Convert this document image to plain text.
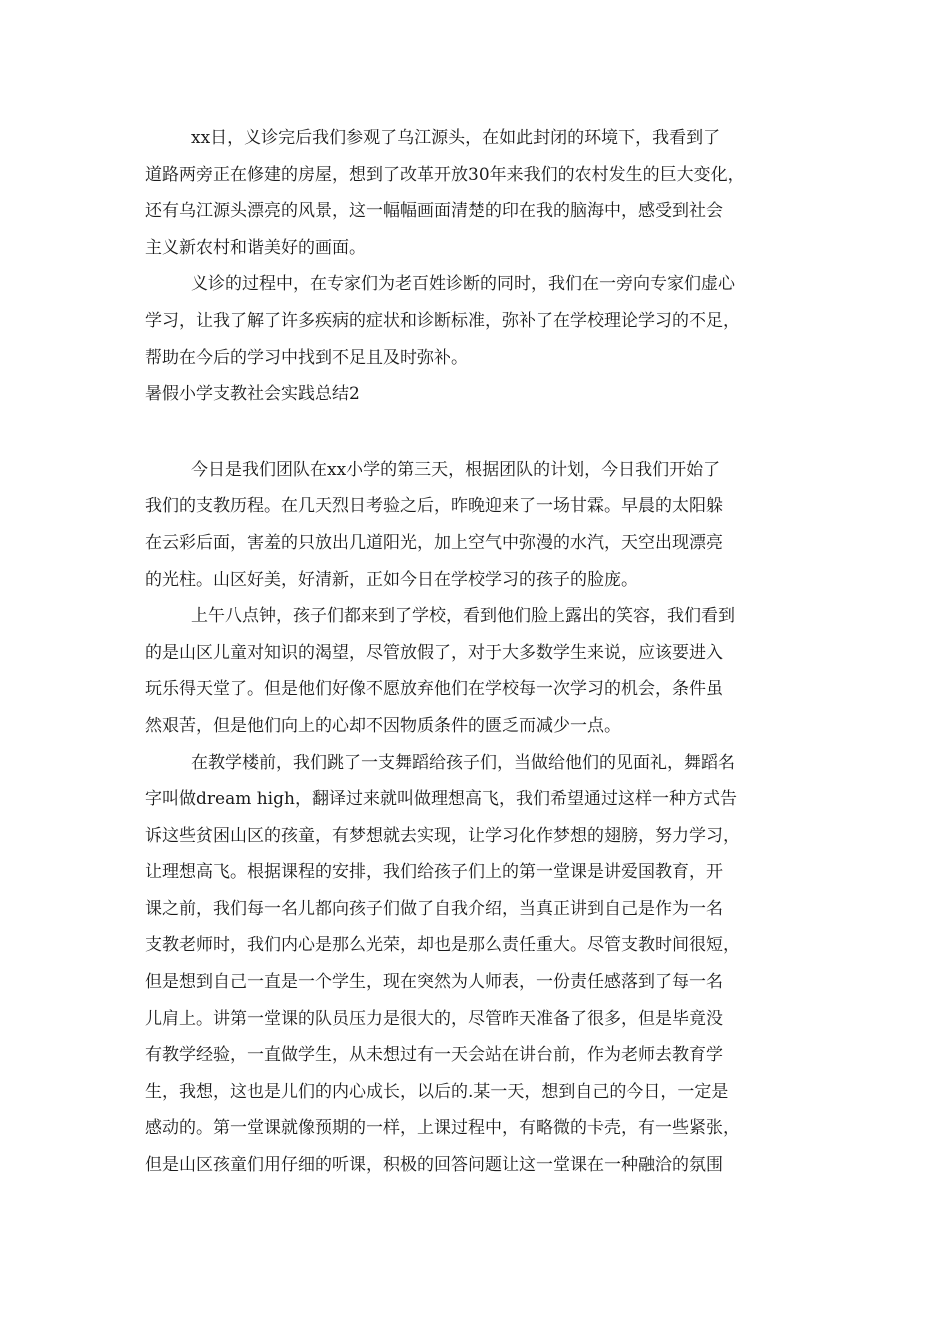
xx日，义诊完后我们参观了乌江源头，在如此封闭的环境下，我看到了
道路两旁正在修建的房屋，想到了改革开放30年来我们的农村发生的巨大变化，
还有乌江源头漂亮的风景，这一幅幅画面清楚的印在我的脑海中，感受到社会
主义新农村和谐美好的画面。
义诊的过程中，在专家们为老百姓诊断的同时，我们在一旁向专家们虚心
学习，让我了解了许多疾病的症状和诊断标准，弥补了在学校理论学习的不足，
帮助在今后的学习中找到不足且及时弥补。
暑假小学支教社会实践总结2
今日是我们团队在xx小学的第三天，根据团队的计划，今日我们开始了
我们的支教历程。在几天烈日考验之后，昨晚迎来了一场甘霖。早晨的太阳躲
在云彩后面，害羞的只放出几道阳光，加上空气中弥漫的水汽，天空出现漂亮
的光柱。山区好美，好清新，正如今日在学校学习的孩子的脸庞。
上午八点钟，孩子们都来到了学校，看到他们脸上露出的笑容，我们看到
的是山区儿童对知识的渴望，尽管放假了，对于大多数学生来说，应该要进入
玩乐得天堂了。但是他们好像不愿放弃他们在学校每一次学习的机会，条件虽
然艰苦，但是他们向上的心却不因物质条件的匮乏而减少一点。
在教学楼前，我们跳了一支舞蹈给孩子们，当做给他们的见面礼，舞蹈名
字叫做dream high，翻译过来就叫做理想高飞，我们希望通过这样一种方式告
诉这些贫困山区的孩童，有梦想就去实现，让学习化作梦想的翅膀，努力学习，
让理想高飞。根据课程的安排，我们给孩子们上的第一堂课是讲爱国教育，开
课之前，我们每一名儿都向孩子们做了自我介绍，当真正讲到自己是作为一名
支教老师时，我们内心是那么光荣，却也是那么责任重大。尽管支教时间很短，
但是想到自己一直是一个学生，现在突然为人师表，一份责任感落到了每一名
儿肩上。讲第一堂课的队员压力是很大的，尽管昨天准备了很多，但是毕竟没
有教学经验，一直做学生，从未想过有一天会站在讲台前，作为老师去教育学
生，我想，这也是儿们的内心成长，以后的.某一天，想到自己的今日，一定是
感动的。第一堂课就像预期的一样，上课过程中，有略微的卡壳，有一些紧张，
但是山区孩童们用仔细的听课，积极的回答问题让这一堂课在一种融洽的氛围
